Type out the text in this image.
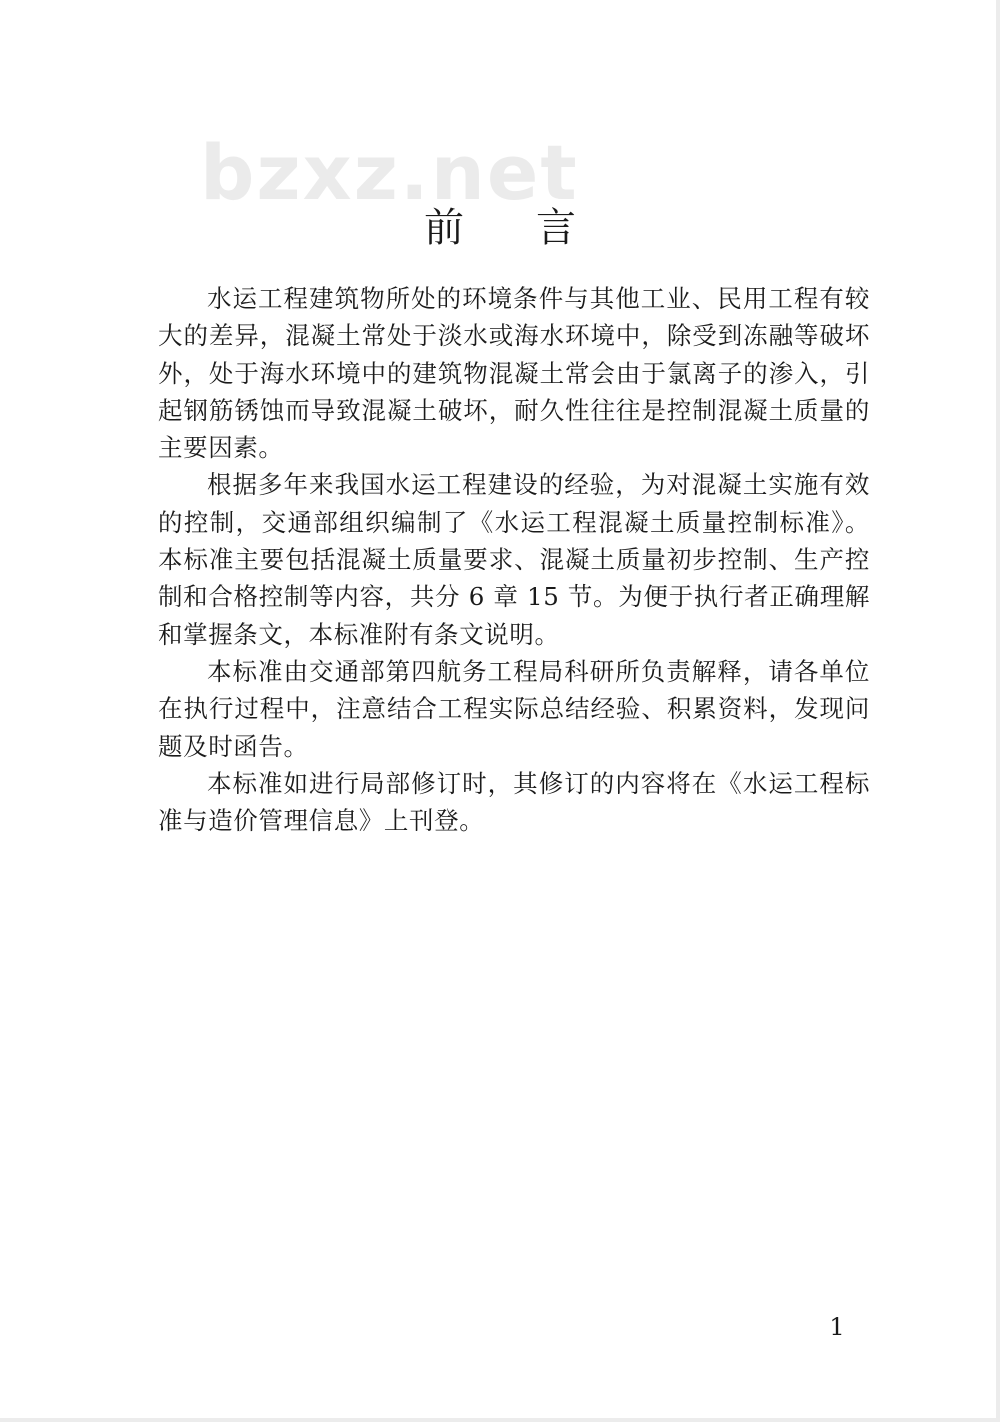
bzxz.net
前言

水运工程建筑物所处的环境条件与其他工业、民用工程有较大的差异，混凝土常处于淡水或海水环境中，除受到冻融等破坏外，处于海水环境中的建筑物混凝土常会由于氯离子的渗入，引起钢筋锈蚀而导致混凝土破坏，耐久性往往是控制混凝土质量的主要因素。

根据多年来我国水运工程建设的经验，为对混凝土实施有效的控制，交通部组织编制了《水运工程混凝土质量控制标准》。本标准主要包括混凝土质量要求、混凝土质量初步控制、生产控制和合格控制等内容，共分 6 章 15 节。为便于执行者正确理解和掌握条文，本标准附有条文说明。

本标准由交通部第四航务工程局科研所负责解释，请各单位在执行过程中，注意结合工程实际总结经验、积累资料，发现问题及时函告。

本标准如进行局部修订时，其修订的内容将在《水运工程标准与造价管理信息》上刊登。

1
